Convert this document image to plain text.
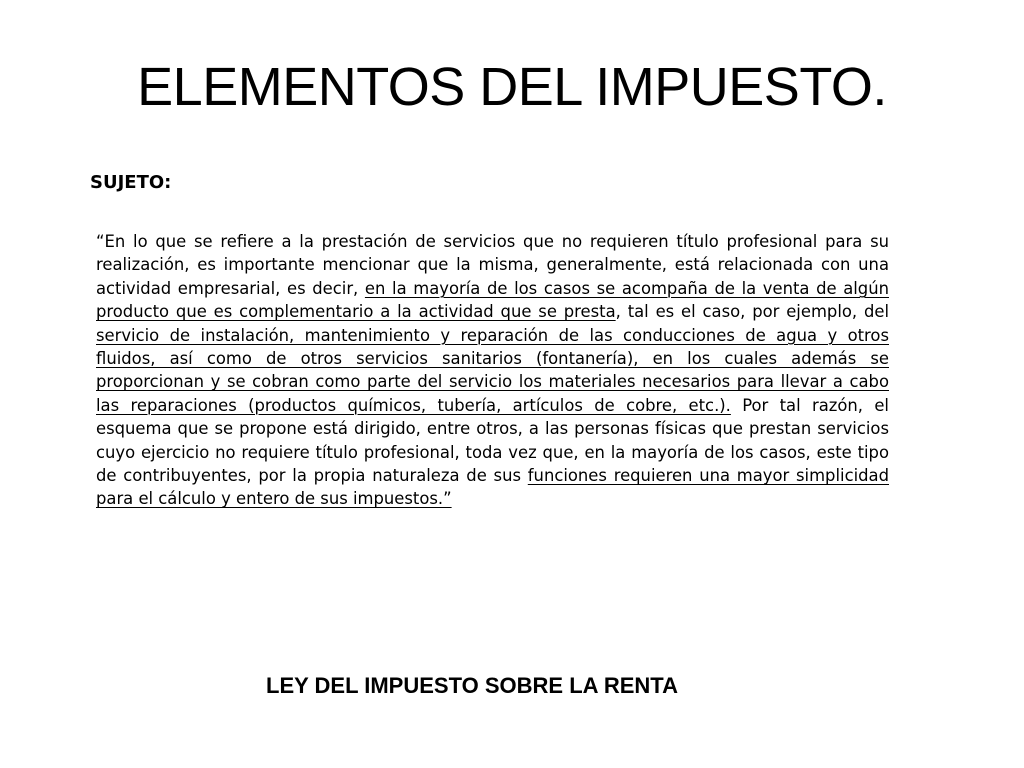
ELEMENTOS DEL IMPUESTO.
SUJETO:

“En lo que se refiere a la prestación de servicios que no requieren título profesional para su realización, es importante mencionar que la misma, generalmente, está relacionada con una actividad empresarial, es decir, en la mayoría de los casos se acompaña de la venta de algún producto que es complementario a la actividad que se presta, tal es el caso, por ejemplo, del servicio de instalación, mantenimiento y reparación de las conducciones de agua y otros fluidos, así como de otros servicios sanitarios (fontanería), en los cuales además se proporcionan y se cobran como parte del servicio los materiales necesarios para llevar a cabo las reparaciones (productos químicos, tubería, artículos de cobre, etc.). Por tal razón, el esquema que se propone está dirigido, entre otros, a las personas físicas que prestan servicios cuyo ejercicio no requiere título profesional, toda vez que, en la mayoría de los casos, este tipo de contribuyentes, por la propia naturaleza de sus funciones requieren una mayor simplicidad para el cálculo y entero de sus impuestos.”

LEY DEL IMPUESTO SOBRE LA RENTA
